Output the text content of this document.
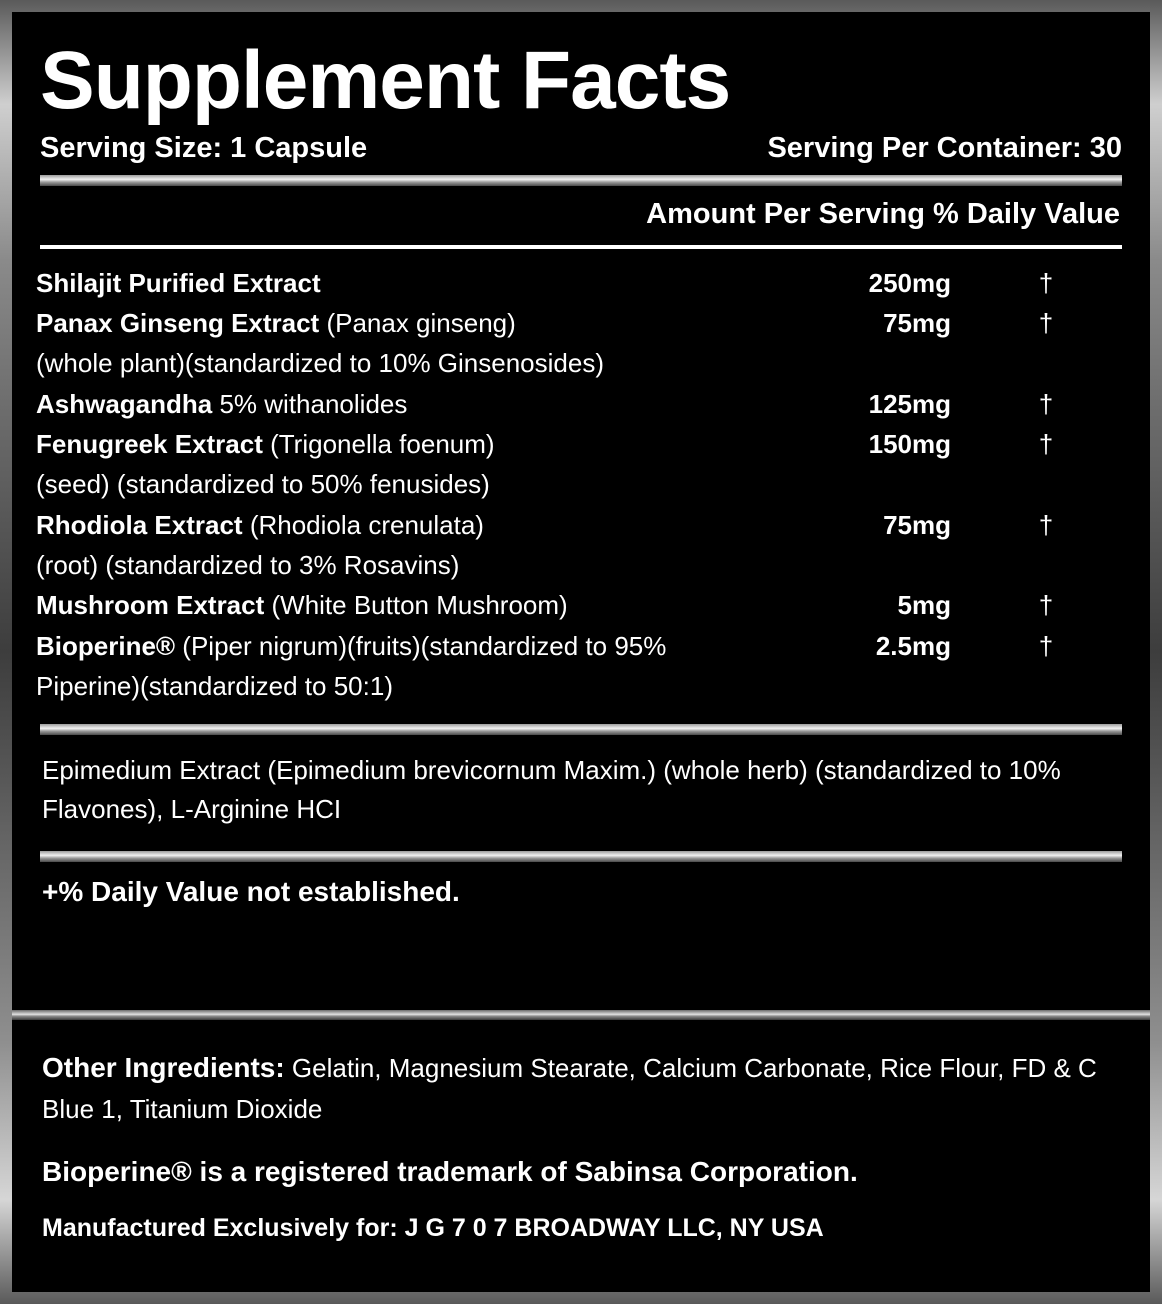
Supplement Facts
Serving Size: 1 Capsule	Serving Per Container: 30
Amount Per Serving % Daily Value
Shilajit Purified Extract	250mg	†
Panax Ginseng Extract (Panax ginseng)	75mg	†
(whole plant)(standardized to 10% Ginsenosides)		
Ashwagandha 5% withanolides	125mg	†
Fenugreek Extract (Trigonella foenum)	150mg	†
(seed) (standardized to 50% fenusides)		
Rhodiola Extract (Rhodiola crenulata)	75mg	†
(root) (standardized to 3% Rosavins)		
Mushroom Extract (White Button Mushroom)	5mg	†
Bioperine® (Piper nigrum)(fruits)(standardized to 95%	2.5mg	†
Piperine)(standardized to 50:1)		
Epimedium Extract (Epimedium brevicornum Maxim.) (whole herb) (standardized to 10% Flavones), L-Arginine HCI
+% Daily Value not established.
Other Ingredients: Gelatin, Magnesium Stearate, Calcium Carbonate, Rice Flour, FD & C Blue 1, Titanium Dioxide
Bioperine® is a registered trademark of Sabinsa Corporation.
Manufactured Exclusively for: J G 7 0 7 BROADWAY LLC, NY USA
